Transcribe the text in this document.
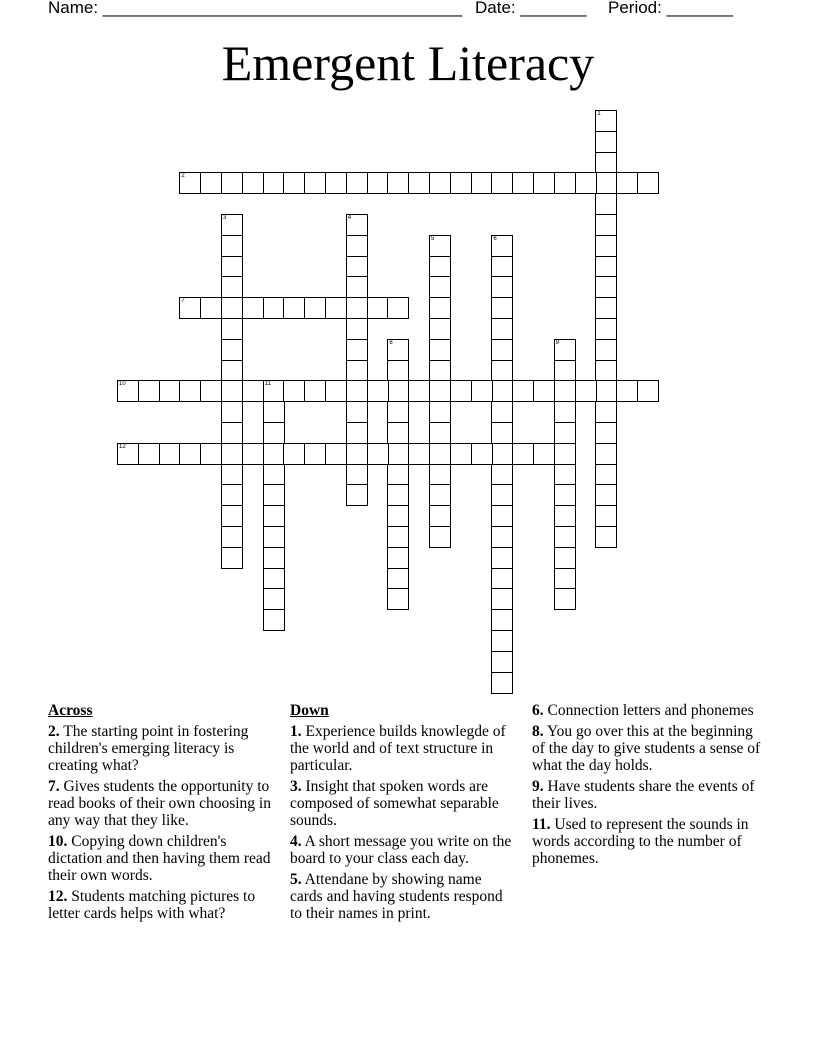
Name: ______________________________________ Date: _______ Period: _______
Emergent Literacy
1
2
3	4
5	6
7
8	9
10	11
12
Across
2. The starting point in fostering children's emerging literacy is creating what?
7. Gives students the opportunity to read books of their own choosing in any way that they like.
10. Copying down children's dictation and then having them read their own words.
12. Students matching pictures to letter cards helps with what?
Down
1. Experience builds knowlegde of the world and of text structure in particular.
3. Insight that spoken words are composed of somewhat separable sounds.
4. A short message you write on the board to your class each day.
5. Attendane by showing name cards and having students respond to their names in print.
6. Connection letters and phonemes
8. You go over this at the beginning of the day to give students a sense of what the day holds.
9. Have students share the events of their lives.
11. Used to represent the sounds in words according to the number of phonemes.
